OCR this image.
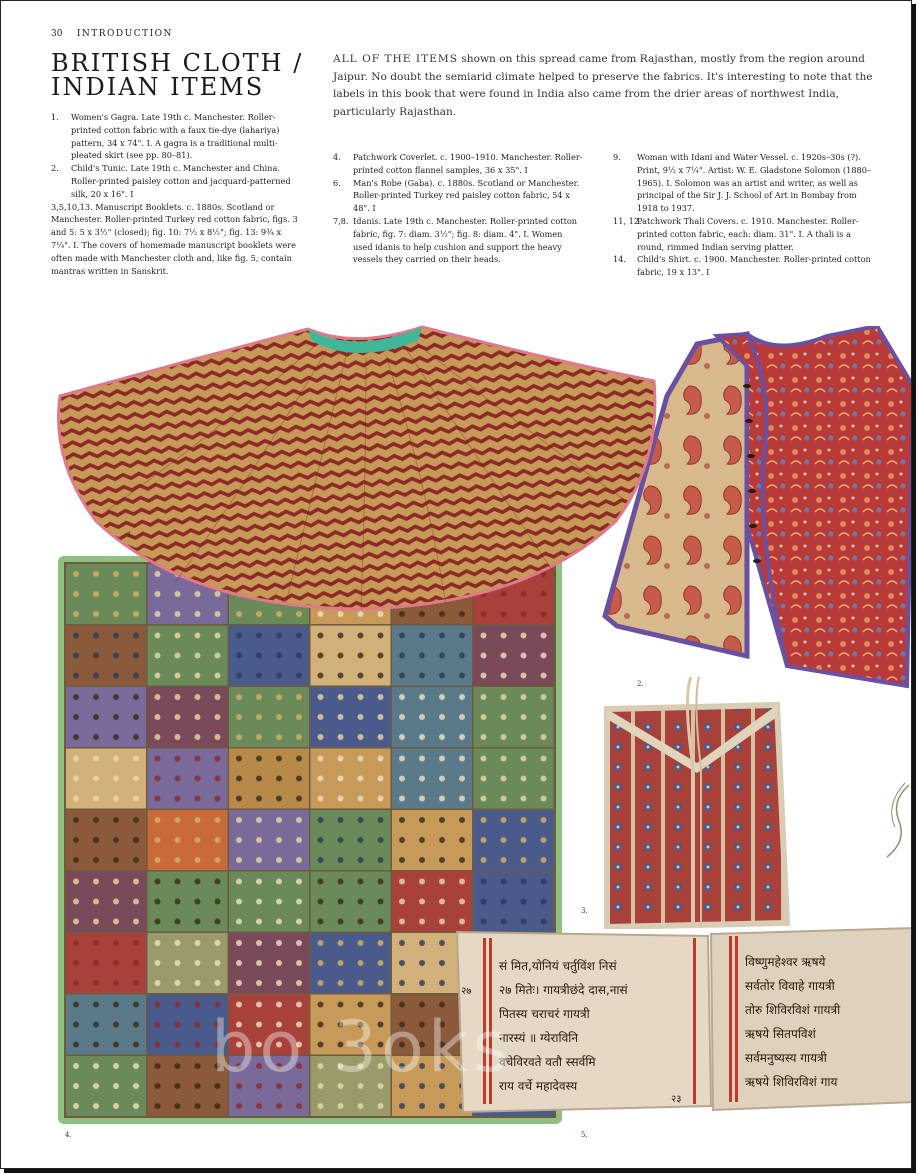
30 INTRODUCTION
BRITISH CLOTH /
INDIAN ITEMS
ALL OF THE ITEMS shown on this spread came from Rajasthan, mostly from the region around Jaipur. No doubt the semiarid climate helped to preserve the fabrics. It's interesting to note that the labels in this book that were found in India also came from the drier areas of northwest India, particularly Rajasthan.
1. Women's Gagra. Late 19th c. Manchester. Roller-printed cotton fabric with a faux tie-dye (lahariya) pattern, 34 x 74". I. A gagra is a traditional multi-pleated skirt (see pp. 80–81).
2. Child's Tunic. Late 19th c. Manchester and China. Roller-printed paisley cotton and jacquard-patterned silk, 20 x 16". I
3,5,10,13. Manuscript Booklets. c. 1880s. Scotland or Manchester. Roller-printed Turkey red cotton fabric, figs. 3 and 5: 5 x 3½" (closed); fig. 10: 7½ x 8½"; fig. 13: 9¾ x 7¼". I. The covers of homemade manuscript booklets were often made with Manchester cloth and, like fig. 5, contain mantras written in Sanskrit.
4. Patchwork Coverlet. c. 1900–1910. Manchester. Roller-printed cotton flannel samples, 36 x 35". I
6. Man's Robe (Gaba). c. 1880s. Scotland or Manchester. Roller-printed Turkey red paisley cotton fabric, 54 x 48". I
7,8. Idanis. Late 19th c. Manchester. Roller-printed cotton fabric, fig. 7: diam. 3½"; fig. 8: diam. 4". I. Women used idanis to help cushion and support the heavy vessels they carried on their heads.
9. Woman with Idani and Water Vessel. c. 1920s–30s (?). Print, 9½ x 7¼". Artist: W. E. Gladstone Solomon (1880–1965). I. Solomon was an artist and writer, as well as principal of the Sir J. J. School of Art in Bombay from 1918 to 1937.
11, 12.
Patchwork Thali Covers. c. 1910. Manchester. Roller-printed cotton fabric, each: diam. 31". I. A thali is a round, rimmed Indian serving platter.
14. Child's Shirt. c. 1900. Manchester. Roller-printed cotton fabric, 19 x 13". I
सं मित,योनियं चर्तुविंश निसं
२७ मितेः। गायत्रीछंदे दास,नासं
पितस्य चराचरं गायत्री
नारस्यं ॥ ग्येराविनि
वचेविरवते वतौ स्सर्वमि
राय वर्चे महादेवस्य
विष्णुमहेश्वर ऋषये
सर्वतोर विवाहे गायत्री
तोरु शिविरविशं गायत्री
ऋषये सितपविशं
सर्वमनुष्यस्य गायत्री
ऋषये शिविरविशं गाय
२७
२३
bo 3oks
1.
2.
3.
4.	5.
